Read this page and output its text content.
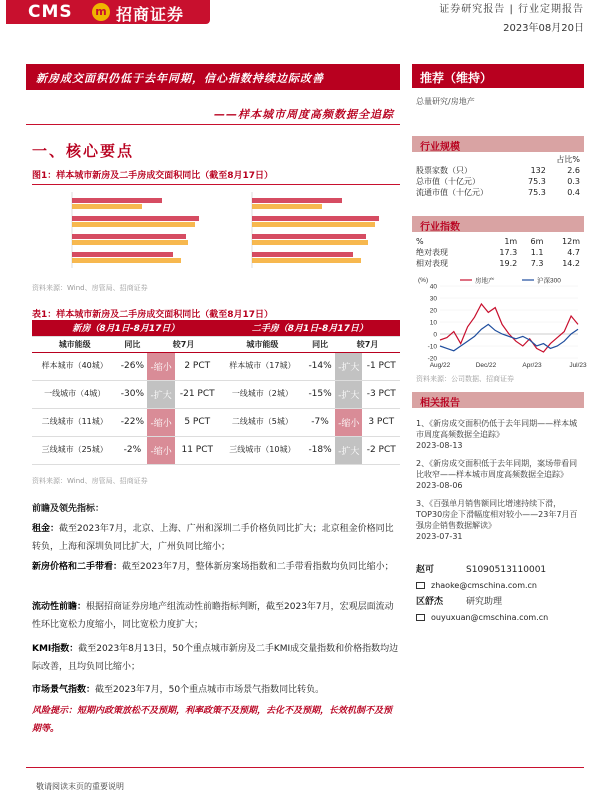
CMS m 招商证券	证券研究报告 | 行业定期报告
2023年08月20日
新房成交面积仍低于去年同期，信心指数持续边际改善
——样本城市周度高频数据全追踪
一、核心要点
图1：样本城市新房及二手房成交面积同比（截至8月17日）
资料来源：Wind、房管局、招商证券
表1：样本城市新房及二手房成交面积同比（截至8月17日）
新房（8月1日-8月17日）				二手房（8月1日-8月17日）			
城市能级	同比	较7月		城市能级	同比	较7月	
样本城市（40城）	-26%	-缩小	2 PCT	样本城市（17城）	-14%	-扩大	-1 PCT
一线城市（4城）	-30%	-扩大	-21 PCT	一线城市（2城）	-15%	-扩大	-3 PCT
二线城市（11城）	-22%	-缩小	5 PCT	二线城市（5城）	-7%	-缩小	3 PCT
三线城市（25城）	-2%	-缩小	11 PCT	三线城市（10城）	-18%	-扩大	-2 PCT
资料来源：Wind、房管局、招商证券
前瞻及领先指标：
租金：截至2023年7月，北京、上海、广州和深圳二手价格负同比扩大；北京租金价格同比转负，上海和深圳负同比扩大，广州负同比缩小；
新房价格和二手带看：截至2023年7月，整体新房案场指数和二手带看指数均负同比缩小；
流动性前瞻：根据招商证券房地产组流动性前瞻指标判断，截至2023年7月，宏观层面流动性环比宽松力度缩小，同比宽松力度扩大；
KMI指数：截至2023年8月13日，50个重点城市新房及二手KMI成交量指数和价格指数均边际改善，且均负同比缩小；
市场景气指数：截至2023年7月，50个重点城市市场景气指数同比转负。
风险提示：短期内政策放松不及预期，利率政策不及预期，去化不及预期，长效机制不及预期等。
推荐（维持）
总量研究/房地产
行业规模
		占比%
股票家数（只）	132	2.6
总市值（十亿元）	75.3	0.3
流通市值（十亿元）	75.3	0.4
行业指数
%	1m	6m	12m
绝对表现	17.3	1.1	4.7
相对表现	19.2	7.3	14.2
-20
-10
0
10
20
30
40
Aug/22	Dec/22	Apr/23	Jul/23
房地产	沪深300
(%)
资料来源：公司数据、招商证券
相关报告
1、《新房成交面积仍低于去年同期——样本城市周度高频数据全追踪》
2023-08-13
2、《新房成交面积低于去年同期，案场带看同比收窄——样本城市周度高频数据全追踪》
2023-08-06
3、《百强单月销售额同比增速持续下滑，TOP30房企下滑幅度相对较小——23年7月百强房企销售数据解读》
2023-07-31
赵可	S1090513110001
zhaoke@cmschina.com.cn
区舒杰	研究助理
ouyuxuan@cmschina.com.cn
敬请阅读末页的重要说明
